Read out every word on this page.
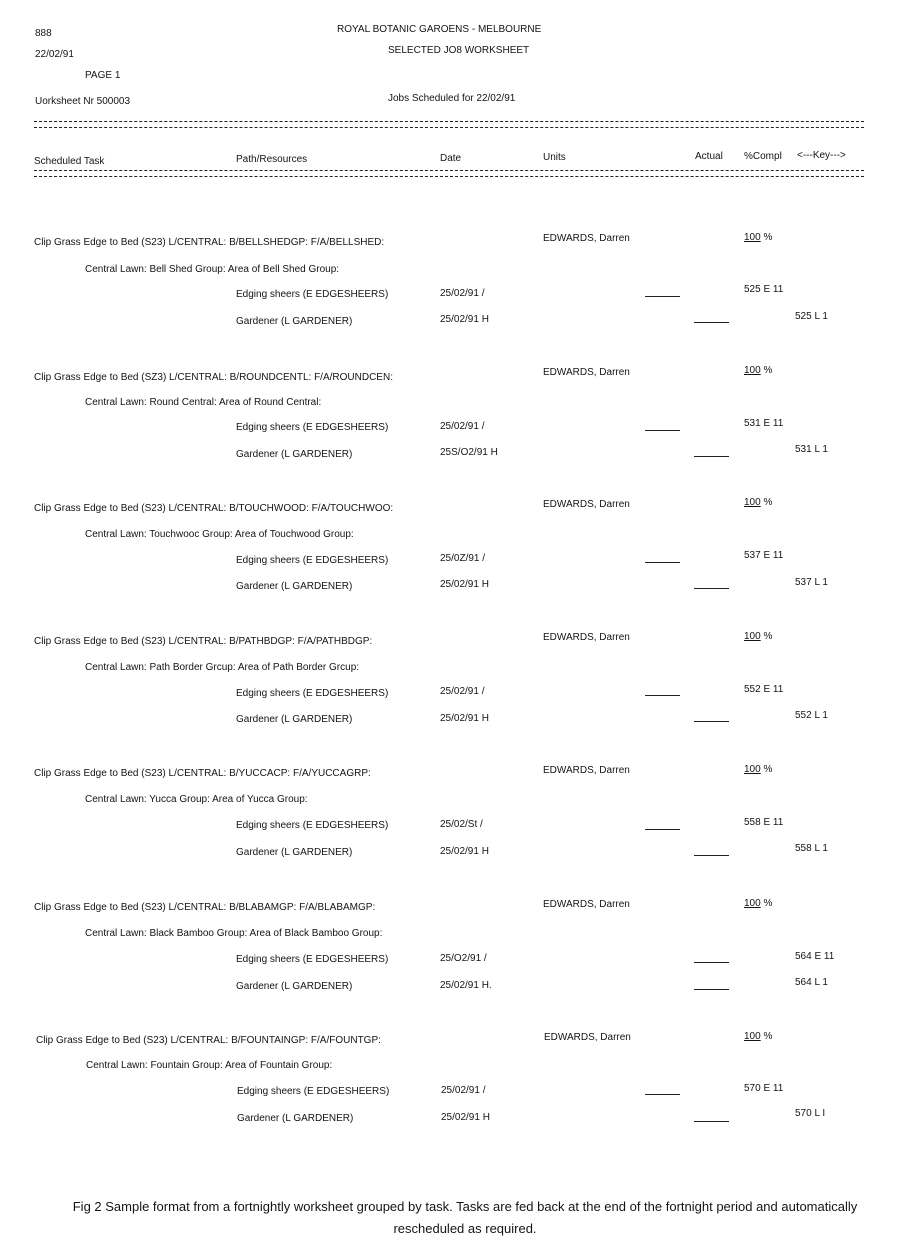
888
22/02/91
PAGE 1
Uorksheet Nr 500003
ROYAL BOTANIC GAROENS - MELBOURNE
SELECTED JO8 WORKSHEET
Jobs Scheduled for 22/02/91
Scheduled Task	Path/Resources	Date	Units	Actual %Compl <---Key--->
Clip Grass Edge to Bed (S23) L/CENTRAL: B/BELLSHEDGP: F/A/BELLSHED:	EDWARDS, Darren	100 %
Central Lawn: Bell Shed Group: Area of Bell Shed Group:
Edging sheers (E EDGESHEERS)	25/02/91 /	525 E 11
Gardener (L GARDENER)	25/02/91 H	525 L 1
Clip Grass Edge to Bed (SZ3) L/CENTRAL: B/ROUNDCENTL: F/A/ROUNDCEN:	EDWARDS, Darren	100 %
Central Lawn: Round Central: Area of Round Central:
Edging sheers (E EDGESHEERS)	25/02/91 /	531 E 11
Gardener (L GARDENER)	25S/O2/91 H	531 L 1
Clip Grass Edge to Bed (S23) L/CENTRAL: B/TOUCHWOOD: F/A/TOUCHWOO:	EDWARDS, Darren	100 %
Central Lawn: Touchwooc Group: Area of Touchwood Group:
Edging sheers (E EDGESHEERS)	25/0Z/91 /	537 E 11
Gardener (L GARDENER)	25/02/91 H	537 L 1
Clip Grass Edge to Bed (S23) L/CENTRAL: B/PATHBDGP: F/A/PATHBDGP:	EDWARDS, Darren	100 %
Central Lawn: Path Border Grcup: Area of Path Border Grcup:
Edging sheers (E EDGESHEERS)	25/02/91 /	552 E 11
Gardener (L GARDENER)	25/02/91 H	552 L 1
Clip Grass Edge to Bed (S23) L/CENTRAL: B/YUCCACP: F/A/YUCCAGRP:	EDWARDS, Darren	100 %
Central Lawn: Yucca Group: Area of Yucca Group:
Edging sheers (E EDGESHEERS)	25/02/St /	558 E 11
Gardener (L GARDENER)	25/02/91 H	558 L 1
Clip Grass Edge to Bed (S23) L/CENTRAL: B/BLABAMGP: F/A/BLABAMGP:	EDWARDS, Darren	100 %
Central Lawn: Black Bamboo Group: Area of Black Bamboo Group:
Edging sheers (E EDGESHEERS)	25/O2/91 /	564 E 11
Gardener (L GARDENER)	25/02/91 H.	564 L 1
Clip Grass Edge to Bed (S23) L/CENTRAL: B/FOUNTAINGP: F/A/FOUNTGP:	EDWARDS, Darren	100 %
Central Lawn: Fountain Group: Area of Fountain Group:
Edging sheers (E EDGESHEERS)	25/02/91 /	570 E 11
Gardener (L GARDENER)	25/02/91 H	570 L I
Fig 2 Sample format from a fortnightly worksheet grouped by task. Tasks are fed back at the end of the fortnight period and automatically
rescheduled as required.
